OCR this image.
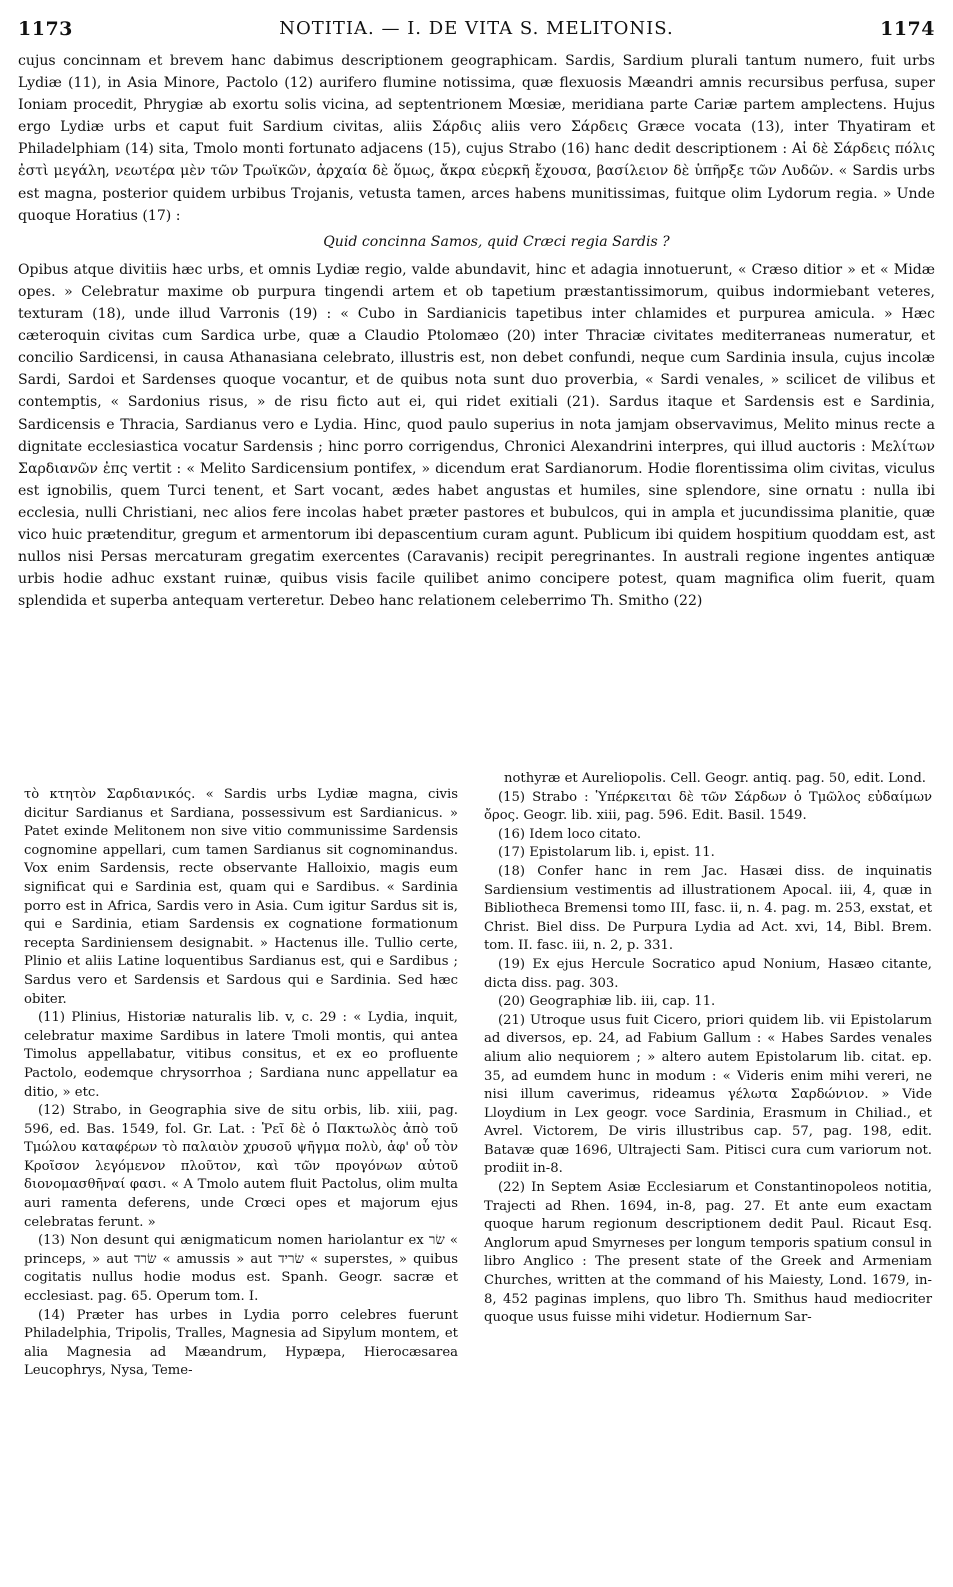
1173	NOTITIA. — I. DE VITA S. MELITONIS.	1174

cujus concinnam et brevem hanc dabimus descriptionem geographicam. Sardis, Sardium plurali tantum numero, fuit urbs Lydiæ (11), in Asia Minore, Pactolo (12) aurifero flumine notissima, quæ flexuosis Mæandri amnis recursibus perfusa, super Ioniam procedit, Phrygiæ ab exortu solis vicina, ad septentrionem Mœsiæ, meridiana parte Cariæ partem amplectens. Hujus ergo Lydiæ urbs et caput fuit Sardium civitas, aliis Σάρδις aliis vero Σάρδεις Græce vocata (13), inter Thyatiram et Philadelphiam (14) sita, Tmolo monti fortunato adjacens (15), cujus Strabo (16) hanc dedit descriptionem : Αἱ δὲ Σάρδεις πόλις ἐστὶ μεγάλη, νεωτέρα μὲν τῶν Τρωϊκῶν, ἀρχαία δὲ ὅμως, ἄκρα εὐερκῆ ἔχουσα, βασίλειον δὲ ὑπῆρξε τῶν Λυδῶν. « Sardis urbs est magna, posterior quidem urbibus Trojanis, vetusta tamen, arces habens munitissimas, fuitque olim Lydorum regia. » Unde quoque Horatius (17) :

Quid concinna Samos, quid Cræci regia Sardis ?

Opibus atque divitiis hæc urbs, et omnis Lydiæ regio, valde abundavit, hinc et adagia innotuerunt, « Cræso ditior » et « Midæ opes. » Celebratur maxime ob purpura tingendi artem et ob tapetium præstantissimorum, quibus indormiebant veteres, texturam (18), unde illud Varronis (19) : « Cubo in Sardianicis tapetibus inter chlamides et purpurea amicula. » Hæc cæteroquin civitas cum Sardica urbe, quæ a Claudio Ptolomæo (20) inter Thraciæ civitates mediterraneas numeratur, et concilio Sardicensi, in causa Athanasiana celebrato, illustris est, non debet confundi, neque cum Sardinia insula, cujus incolæ Sardi, Sardoi et Sardenses quoque vocantur, et de quibus nota sunt duo proverbia, « Sardi venales, » scilicet de vilibus et contemptis, « Sardonius risus, » de risu ficto aut ei, qui ridet exitiali (21). Sardus itaque et Sardensis est e Sardinia, Sardicensis e Thracia, Sardianus vero e Lydia. Hinc, quod paulo superius in nota jamjam observavimus, Melito minus recte a dignitate ecclesiastica vocatur Sardensis ; hinc porro corrigendus, Chronici Alexandrini interpres, qui illud auctoris : Μελίτων Σαρδιανῶν ἐπς vertit : « Melito Sardicensium pontifex, » dicendum erat Sardianorum. Hodie florentissima olim civitas, viculus est ignobilis, quem Turci tenent, et Sart vocant, ædes habet angustas et humiles, sine splendore, sine ornatu : nulla ibi ecclesia, nulli Christiani, nec alios fere incolas habet præter pastores et bubulcos, qui in ampla et jucundissima planitie, quæ vico huic prætenditur, gregum et armentorum ibi depascentium curam agunt. Publicum ibi quidem hospitium quoddam est, ast nullos nisi Persas mercaturam gregatim exercentes (Caravanis) recipit peregrinantes. In australi regione ingentes antiquæ urbis hodie adhuc exstant ruinæ, quibus visis facile quilibet animo concipere potest, quam magnifica olim fuerit, quam splendida et superba antequam verteretur. Debeo hanc relationem celeberrimo Th. Smitho (22)

τὸ κτητὸν Σαρδιανικός. « Sardis urbs Lydiæ magna, civis dicitur Sardianus et Sardiana, possessivum est Sardianicus. » Patet exinde Melitonem non sive vitio communissime Sardensis cognomine appellari, cum tamen Sardianus sit cognominandus. Vox enim Sardensis, recte observante Halloixio, magis eum significat qui e Sardinia est, quam qui e Sardibus. « Sardinia porro est in Africa, Sardis vero in Asia. Cum igitur Sardus sit is, qui e Sardinia, etiam Sardensis ex cognatione formationum recepta Sardiniensem designabit. » Hactenus ille. Tullio certe, Plinio et aliis Latine loquentibus Sardianus est, qui e Sardibus ; Sardus vero et Sardensis et Sardous qui e Sardinia. Sed hæc obiter.

(11) Plinius, Historiæ naturalis lib. v, c. 29 : « Lydia, inquit, celebratur maxime Sardibus in latere Tmoli montis, qui antea Timolus appellabatur, vitibus consitus, et ex eo profluente Pactolo, eodemque chrysorrhoa ; Sardiana nunc appellatur ea ditio, » etc.

(12) Strabo, in Geographia sive de situ orbis, lib. xiii, pag. 596, ed. Bas. 1549, fol. Gr. Lat. : Ῥεῖ δὲ ὁ Πακτωλὸς ἀπὸ τοῦ Τμώλου καταφέρων τὸ παλαιὸν χρυσοῦ ψῆγμα πολὺ, ἀφ' οὗ τὸν Κροῖσον λεγόμενον πλοῦτον, καὶ τῶν προγόνων αὐτοῦ διονομασθῆναί φασι. « A Tmolo autem fluit Pactolus, olim multa auri ramenta deferens, unde Crœci opes et majorum ejus celebratas ferunt. »

(13) Non desunt qui ænigmaticum nomen hariolantur ex שׂר « princeps, » aut שׂרד « amussis » aut שׂריד « superstes, » quibus cogitatis nullus hodie modus est. Spanh. Geogr. sacræ et ecclesiast. pag. 65. Operum tom. I.

(14) Præter has urbes in Lydia porro celebres fuerunt Philadelphia, Tripolis, Tralles, Magnesia ad Sipylum montem, et alia Magnesia ad Mæandrum, Hypæpa, Hierocæsarea Leucophrys, Nysa, Teme-

nothyræ et Aureliopolis. Cell. Geogr. antiq. pag. 50, edit. Lond.

(15) Strabo : Ὑπέρκειται δὲ τῶν Σάρδων ὁ Τμῶλος εὐδαίμων ὄρος. Geogr. lib. xiii, pag. 596. Edit. Basil. 1549.

(16) Idem loco citato.

(17) Epistolarum lib. i, epist. 11.

(18) Confer hanc in rem Jac. Hasæi diss. de inquinatis Sardiensium vestimentis ad illustrationem Apocal. iii, 4, quæ in Bibliotheca Bremensi tomo III, fasc. ii, n. 4. pag. m. 253, exstat, et Christ. Biel diss. De Purpura Lydia ad Act. xvi, 14, Bibl. Brem. tom. II. fasc. iii, n. 2, p. 331.

(19) Ex ejus Hercule Socratico apud Nonium, Hasæo citante, dicta diss. pag. 303.

(20) Geographiæ lib. iii, cap. 11.

(21) Utroque usus fuit Cicero, priori quidem lib. vii Epistolarum ad diversos, ep. 24, ad Fabium Gallum : « Habes Sardes venales alium alio nequiorem ; » altero autem Epistolarum lib. citat. ep. 35, ad eumdem hunc in modum : « Videris enim mihi vereri, ne nisi illum caverimus, rideamus γέλωτα Σαρδώνιον. » Vide Lloydium in Lex geogr. voce Sardinia, Erasmum in Chiliad., et Avrel. Victorem, De viris illustribus cap. 57, pag. 198, edit. Batavæ quæ 1696, Ultrajecti Sam. Pitisci cura cum variorum not. prodiit in-8.

(22) In Septem Asiæ Ecclesiarum et Constantinopoleos notitia, Trajecti ad Rhen. 1694, in-8, pag. 27. Et ante eum exactam quoque harum regionum descriptionem dedit Paul. Ricaut Esq. Anglorum apud Smyrneses per longum temporis spatium consul in libro Anglico : The present state of the Greek and Armeniam Churches, written at the command of his Maiesty, Lond. 1679, in-8, 452 paginas implens, quo libro Th. Smithus haud mediocriter quoque usus fuisse mihi videtur. Hodiernum Sar-
